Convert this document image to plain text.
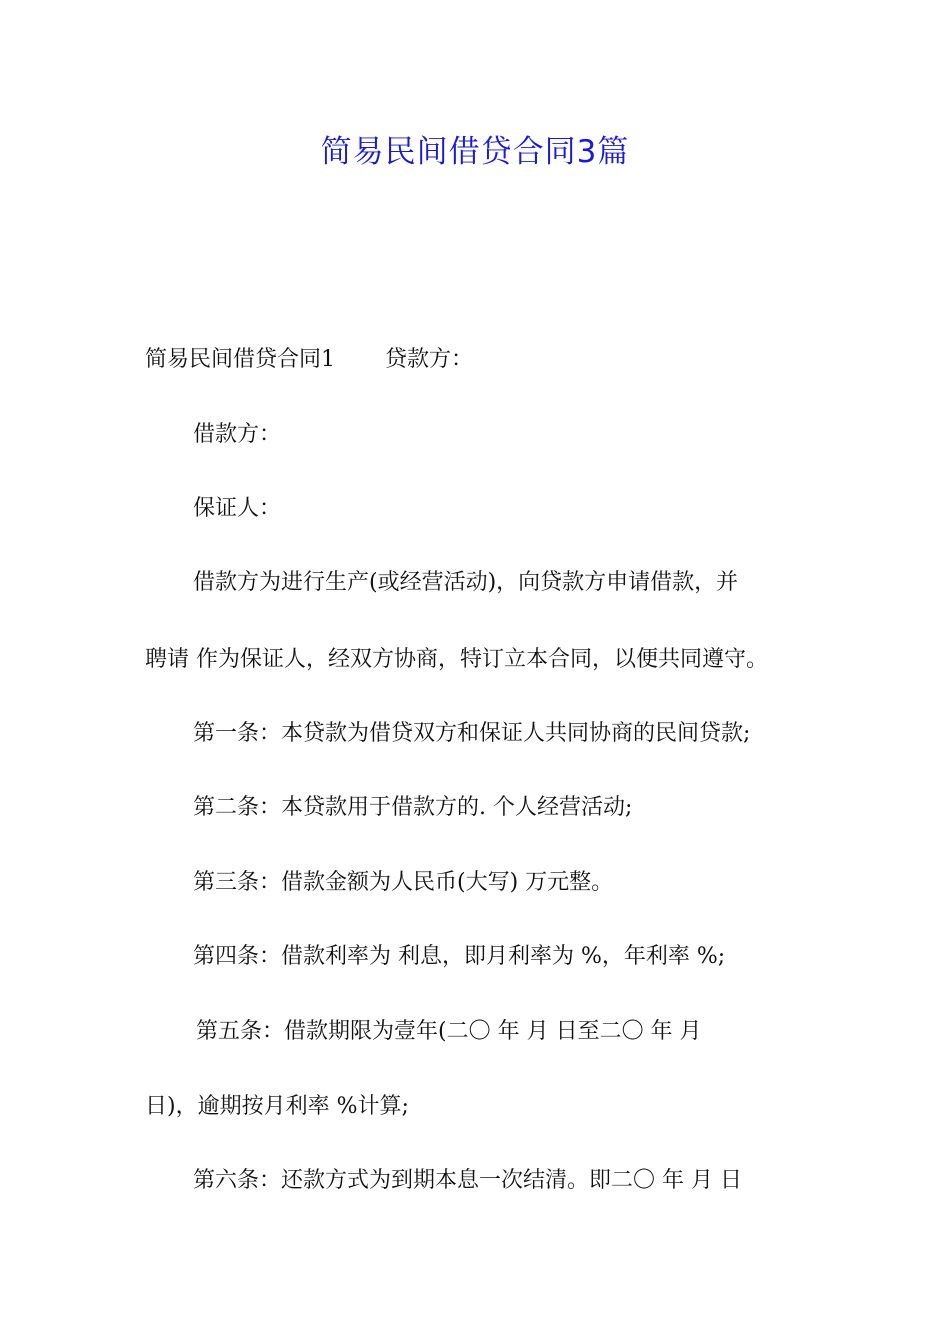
简易民间借贷合同3篇

简易民间借贷合同1 贷款方：

借款方：

保证人：

借款方为进行生产(或经营活动)，向贷款方申请借款，并

聘请 作为保证人，经双方协商，特订立本合同，以便共同遵守。

第一条：本贷款为借贷双方和保证人共同协商的民间贷款;

第二条：本贷款用于借款方的. 个人经营活动;

第三条：借款金额为人民币(大写) 万元整。

第四条：借款利率为 利息，即月利率为 %，年利率 %;

第五条：借款期限为壹年(二〇 年 月 日至二〇 年 月

日)，逾期按月利率 %计算;

第六条：还款方式为到期本息一次结清。即二〇 年 月 日
